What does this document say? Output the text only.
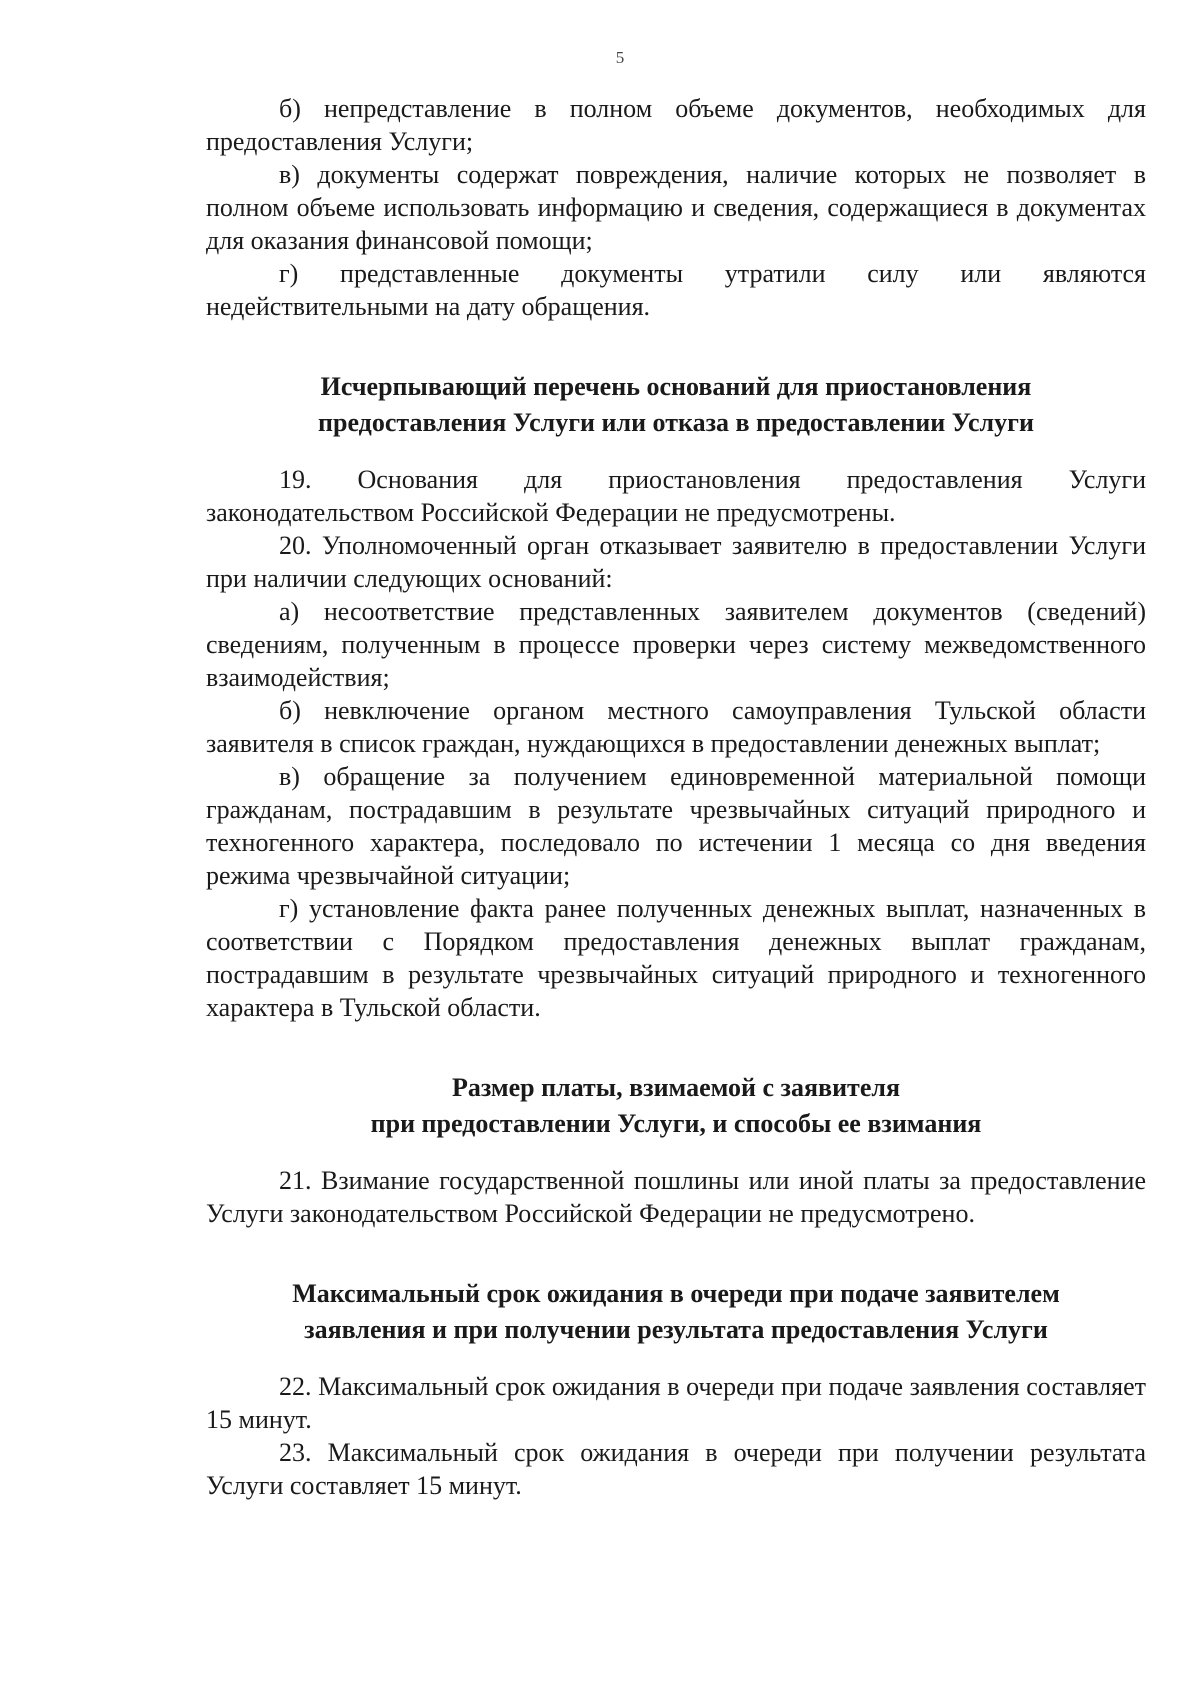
5

б) непредставление в полном объеме документов, необходимых для предоставления Услуги;

в) документы содержат повреждения, наличие которых не позволяет в полном объеме использовать информацию и сведения, содержащиеся в документах для оказания финансовой помощи;

г) представленные документы утратили силу или являются недействительными на дату обращения.

Исчерпывающий перечень оснований для приостановления

предоставления Услуги или отказа в предоставлении Услуги

19. Основания для приостановления предоставления Услуги законодательством Российской Федерации не предусмотрены.

20. Уполномоченный орган отказывает заявителю в предоставлении Услуги при наличии следующих оснований:

а) несоответствие представленных заявителем документов (сведений) сведениям, полученным в процессе проверки через систему межведомственного взаимодействия;

б) невключение органом местного самоуправления Тульской области заявителя в список граждан, нуждающихся в предоставлении денежных выплат;

в) обращение за получением единовременной материальной помощи гражданам, пострадавшим в результате чрезвычайных ситуаций природного и техногенного характера, последовало по истечении 1 месяца со дня введения режима чрезвычайной ситуации;

г) установление факта ранее полученных денежных выплат, назначенных в соответствии с Порядком предоставления денежных выплат гражданам, пострадавшим в результате чрезвычайных ситуаций природного и техногенного характера в Тульской области.

Размер платы, взимаемой с заявителя

при предоставлении Услуги, и способы ее взимания

21. Взимание государственной пошлины или иной платы за предоставление Услуги законодательством Российской Федерации не предусмотрено.

Максимальный срок ожидания в очереди при подаче заявителем

заявления и при получении результата предоставления Услуги

22. Максимальный срок ожидания в очереди при подаче заявления составляет 15 минут.

23. Максимальный срок ожидания в очереди при получении результата Услуги составляет 15 минут.
